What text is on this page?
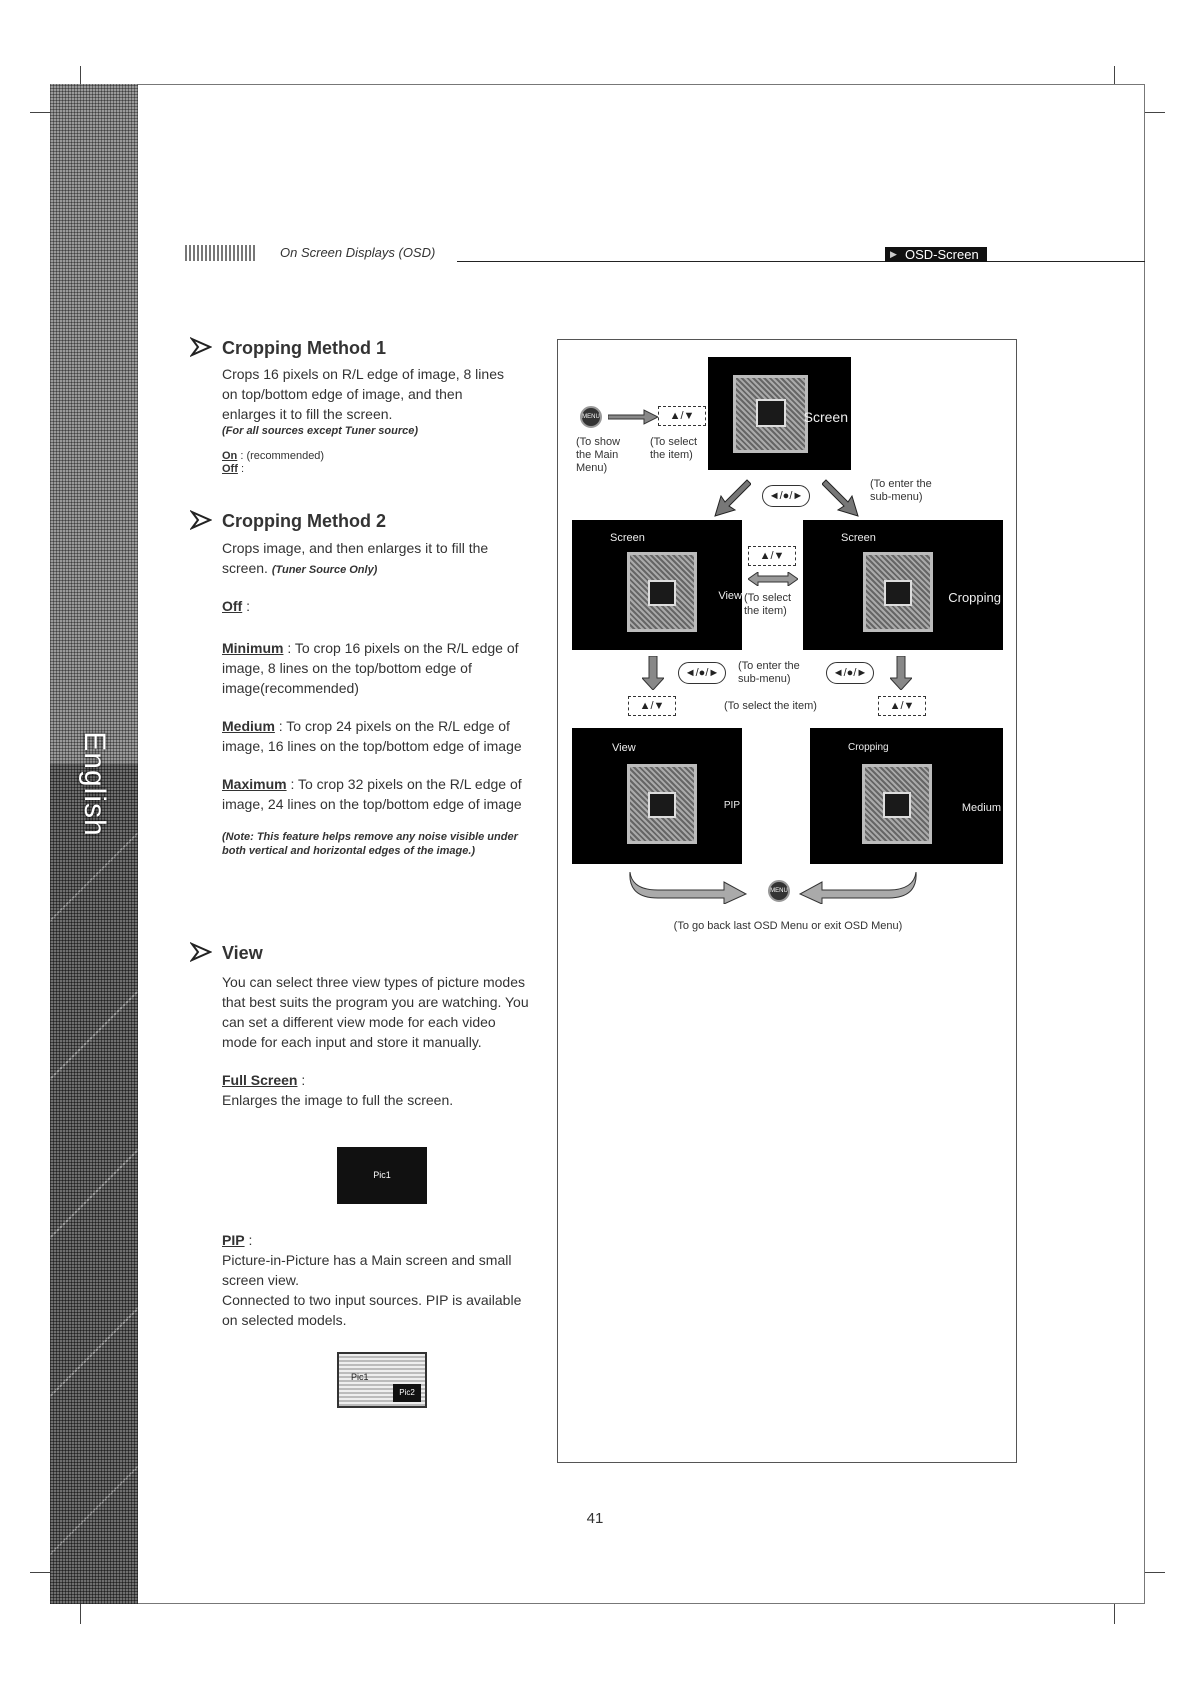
English
On Screen Displays (OSD)
▶	OSD-Screen
Cropping Method 1
Crops 16 pixels on R/L edge of image, 8 lines on top/bottom edge of image, and then enlarges it to fill the screen.
(For all sources except Tuner source)
On : (recommended)
Off :
Cropping Method 2
Crops image, and then enlarges it to fill the screen. (Tuner Source Only)
Off :
Minimum : To crop 16 pixels on the R/L edge of image, 8 lines on the top/bottom edge of image(recommended)
Medium : To crop 24 pixels on the R/L edge of image, 16 lines on the top/bottom edge of image
Maximum : To crop 32 pixels on the R/L edge of image, 24 lines on the top/bottom edge of image
(Note: This feature helps remove any noise visible under both vertical and horizontal edges of the image.)
View
You can select three view types of picture modes that best suits the program you are watching. You can set a different view mode for each video mode for each input and store it manually.
Full Screen :
Enlarges the image to full the screen.
Pic1
PIP :
Picture-in-Picture has a Main screen and small screen view.
Connected to two input sources. PIP is available on selected models.
Pic1
Pic2
MENU	▲/▼
(To show
the Main
Menu)
(To select
the item)
Screen
◄/●/►
(To enter the
sub-menu)
Screen
View
▲/▼
(To select
the item)
Screen
Cropping
◄/●/►
(To enter the
sub-menu)	◄/●/►
▲/▼	(To select the item)	▲/▼
View
PIP
Cropping
Medium
MENU
(To go back last OSD Menu or exit OSD Menu)
41
